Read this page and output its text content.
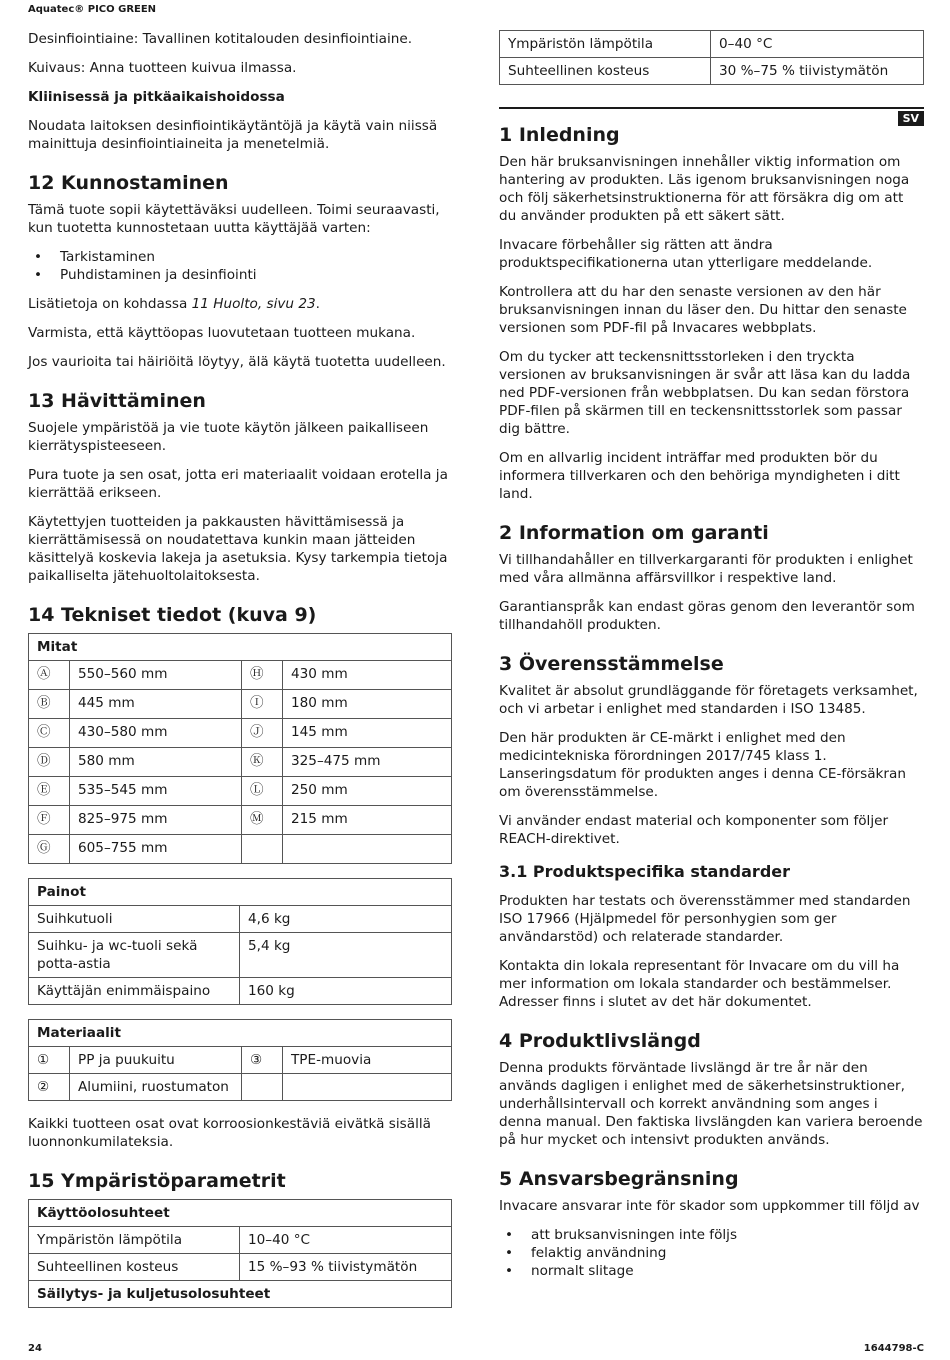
Aquatec® PICO GREEN

Desinfiointiaine: Tavallinen kotitalouden desinfiointiaine.

Kuivaus: Anna tuotteen kuivua ilmassa.

Kliinisessä ja pitkäaikaishoidossa

Noudata laitoksen desinfiointikäytäntöjä ja käytä vain niissä mainittuja desinfiointiaineita ja menetelmiä.

12 Kunnostaminen

Tämä tuote sopii käytettäväksi uudelleen. Toimi seuraavasti, kun tuotetta kunnostetaan uutta käyttäjää varten:

• Tarkistaminen
• Puhdistaminen ja desinfiointi

Lisätietoja on kohdassa 11 Huolto, sivu 23.

Varmista, että käyttöopas luovutetaan tuotteen mukana.

Jos vaurioita tai häiriöitä löytyy, älä käytä tuotetta uudelleen.

13 Hävittäminen

Suojele ympäristöä ja vie tuote käytön jälkeen paikalliseen kierrätyspisteeseen.

Pura tuote ja sen osat, jotta eri materiaalit voidaan erotella ja kierrättää erikseen.

Käytettyjen tuotteiden ja pakkausten hävittämisessä ja kierrättämisessä on noudatettava kunkin maan jätteiden käsittelyä koskevia lakeja ja asetuksia. Kysy tarkempia tietoja paikalliselta jätehuoltolaitoksesta.

14 Tekniset tiedot (kuva 9)
Mitat			
Ⓐ	550–560 mm	Ⓗ	430 mm
Ⓑ	445 mm	Ⓘ	180 mm
Ⓒ	430–580 mm	Ⓙ	145 mm
Ⓓ	580 mm	Ⓚ	325–475 mm
Ⓔ	535–545 mm	Ⓛ	250 mm
Ⓕ	825–975 mm	Ⓜ	215 mm
Ⓖ	605–755 mm		
Painot	
Suihkutuoli	4,6 kg
Suihku- ja wc-tuoli sekä potta-astia	5,4 kg
Käyttäjän enimmäispaino	160 kg
Materiaalit			
①	PP ja puukuitu	③	TPE-muovia
②	Alumiini, ruostumaton		

Kaikki tuotteen osat ovat korroosionkestäviä eivätkä sisällä luonnonkumilateksia.

15 Ympäristöparametrit
Käyttöolosuhteet	
Ympäristön lämpötila	10–40 °C
Suhteellinen kosteus	15 %–93 % tiivistymätön
Säilytys- ja kuljetusolosuhteet	
Ympäristön lämpötila	0–40 °C
Suhteellinen kosteus	30 %–75 % tiivistymätön
SV
1 Inledning

Den här bruksanvisningen innehåller viktig information om hantering av produkten. Läs igenom bruksanvisningen noga och följ säkerhetsinstruktionerna för att försäkra dig om att du använder produkten på ett säkert sätt.

Invacare förbehåller sig rätten att ändra produktspecifikationerna utan ytterligare meddelande.

Kontrollera att du har den senaste versionen av den här bruksanvisningen innan du läser den. Du hittar den senaste versionen som PDF-fil på Invacares webbplats.

Om du tycker att teckensnittsstorleken i den tryckta versionen av bruksanvisningen är svår att läsa kan du ladda ned PDF-versionen från webbplatsen. Du kan sedan förstora PDF-filen på skärmen till en teckensnittsstorlek som passar dig bättre.

Om en allvarlig incident inträffar med produkten bör du informera tillverkaren och den behöriga myndigheten i ditt land.

2 Information om garanti

Vi tillhandahåller en tillverkargaranti för produkten i enlighet med våra allmänna affärsvillkor i respektive land.

Garantianspråk kan endast göras genom den leverantör som tillhandahöll produkten.

3 Överensstämmelse

Kvalitet är absolut grundläggande för företagets verksamhet, och vi arbetar i enlighet med standarden i ISO 13485.

Den här produkten är CE-märkt i enlighet med den medicintekniska förordningen 2017/745 klass 1. Lanseringsdatum för produkten anges i denna CE-försäkran om överensstämmelse.

Vi använder endast material och komponenter som följer REACH-direktivet.

3.1 Produktspecifika standarder

Produkten har testats och överensstämmer med standarden ISO 17966 (Hjälpmedel för personhygien som ger användarstöd) och relaterade standarder.

Kontakta din lokala representant för Invacare om du vill ha mer information om lokala standarder och bestämmelser. Adresser finns i slutet av det här dokumentet.

4 Produktlivslängd

Denna produkts förväntade livslängd är tre år när den används dagligen i enlighet med de säkerhetsinstruktioner, underhållsintervall och korrekt användning som anges i denna manual. Den faktiska livslängden kan variera beroende på hur mycket och intensivt produkten används.

5 Ansvarsbegränsning

Invacare ansvarar inte för skador som uppkommer till följd av

• att bruksanvisningen inte följs
• felaktig användning
• normalt slitage
24	1644798-C
